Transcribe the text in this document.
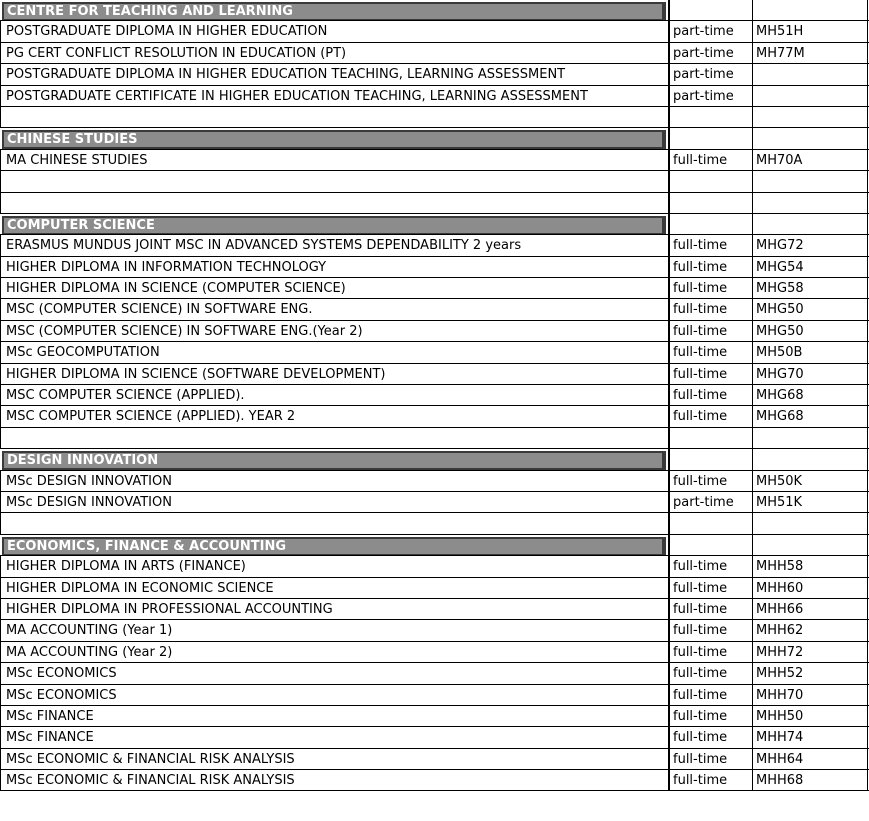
CENTRE FOR TEACHING AND LEARNING
POSTGRADUATE DIPLOMA IN HIGHER EDUCATION	part-time	MH51H
PG CERT CONFLICT RESOLUTION IN EDUCATION (PT)	part-time	MH77M
POSTGRADUATE DIPLOMA IN HIGHER EDUCATION TEACHING, LEARNING ASSESSMENT	part-time
POSTGRADUATE CERTIFICATE IN HIGHER EDUCATION TEACHING, LEARNING ASSESSMENT	part-time
CHINESE STUDIES
MA CHINESE STUDIES	full-time	MH70A
COMPUTER SCIENCE
ERASMUS MUNDUS JOINT MSC IN ADVANCED SYSTEMS DEPENDABILITY 2 years	full-time	MHG72
HIGHER DIPLOMA IN INFORMATION TECHNOLOGY	full-time	MHG54
HIGHER DIPLOMA IN SCIENCE (COMPUTER SCIENCE)	full-time	MHG58
MSC (COMPUTER SCIENCE) IN SOFTWARE ENG.	full-time	MHG50
MSC (COMPUTER SCIENCE) IN SOFTWARE ENG.(Year 2)	full-time	MHG50
MSc GEOCOMPUTATION	full-time	MH50B
HIGHER DIPLOMA IN SCIENCE (SOFTWARE DEVELOPMENT)	full-time	MHG70
MSC COMPUTER SCIENCE (APPLIED).	full-time	MHG68
MSC COMPUTER SCIENCE (APPLIED). YEAR 2	full-time	MHG68
DESIGN INNOVATION
MSc DESIGN INNOVATION	full-time	MH50K
MSc DESIGN INNOVATION	part-time	MH51K
ECONOMICS, FINANCE & ACCOUNTING
HIGHER DIPLOMA IN ARTS (FINANCE)	full-time	MHH58
HIGHER DIPLOMA IN ECONOMIC SCIENCE	full-time	MHH60
HIGHER DIPLOMA IN PROFESSIONAL ACCOUNTING	full-time	MHH66
MA ACCOUNTING (Year 1)	full-time	MHH62
MA ACCOUNTING (Year 2)	full-time	MHH72
MSc ECONOMICS	full-time	MHH52
MSc ECONOMICS	full-time	MHH70
MSc FINANCE	full-time	MHH50
MSc FINANCE	full-time	MHH74
MSc ECONOMIC & FINANCIAL RISK ANALYSIS	full-time	MHH64
MSc ECONOMIC & FINANCIAL RISK ANALYSIS	full-time	MHH68
